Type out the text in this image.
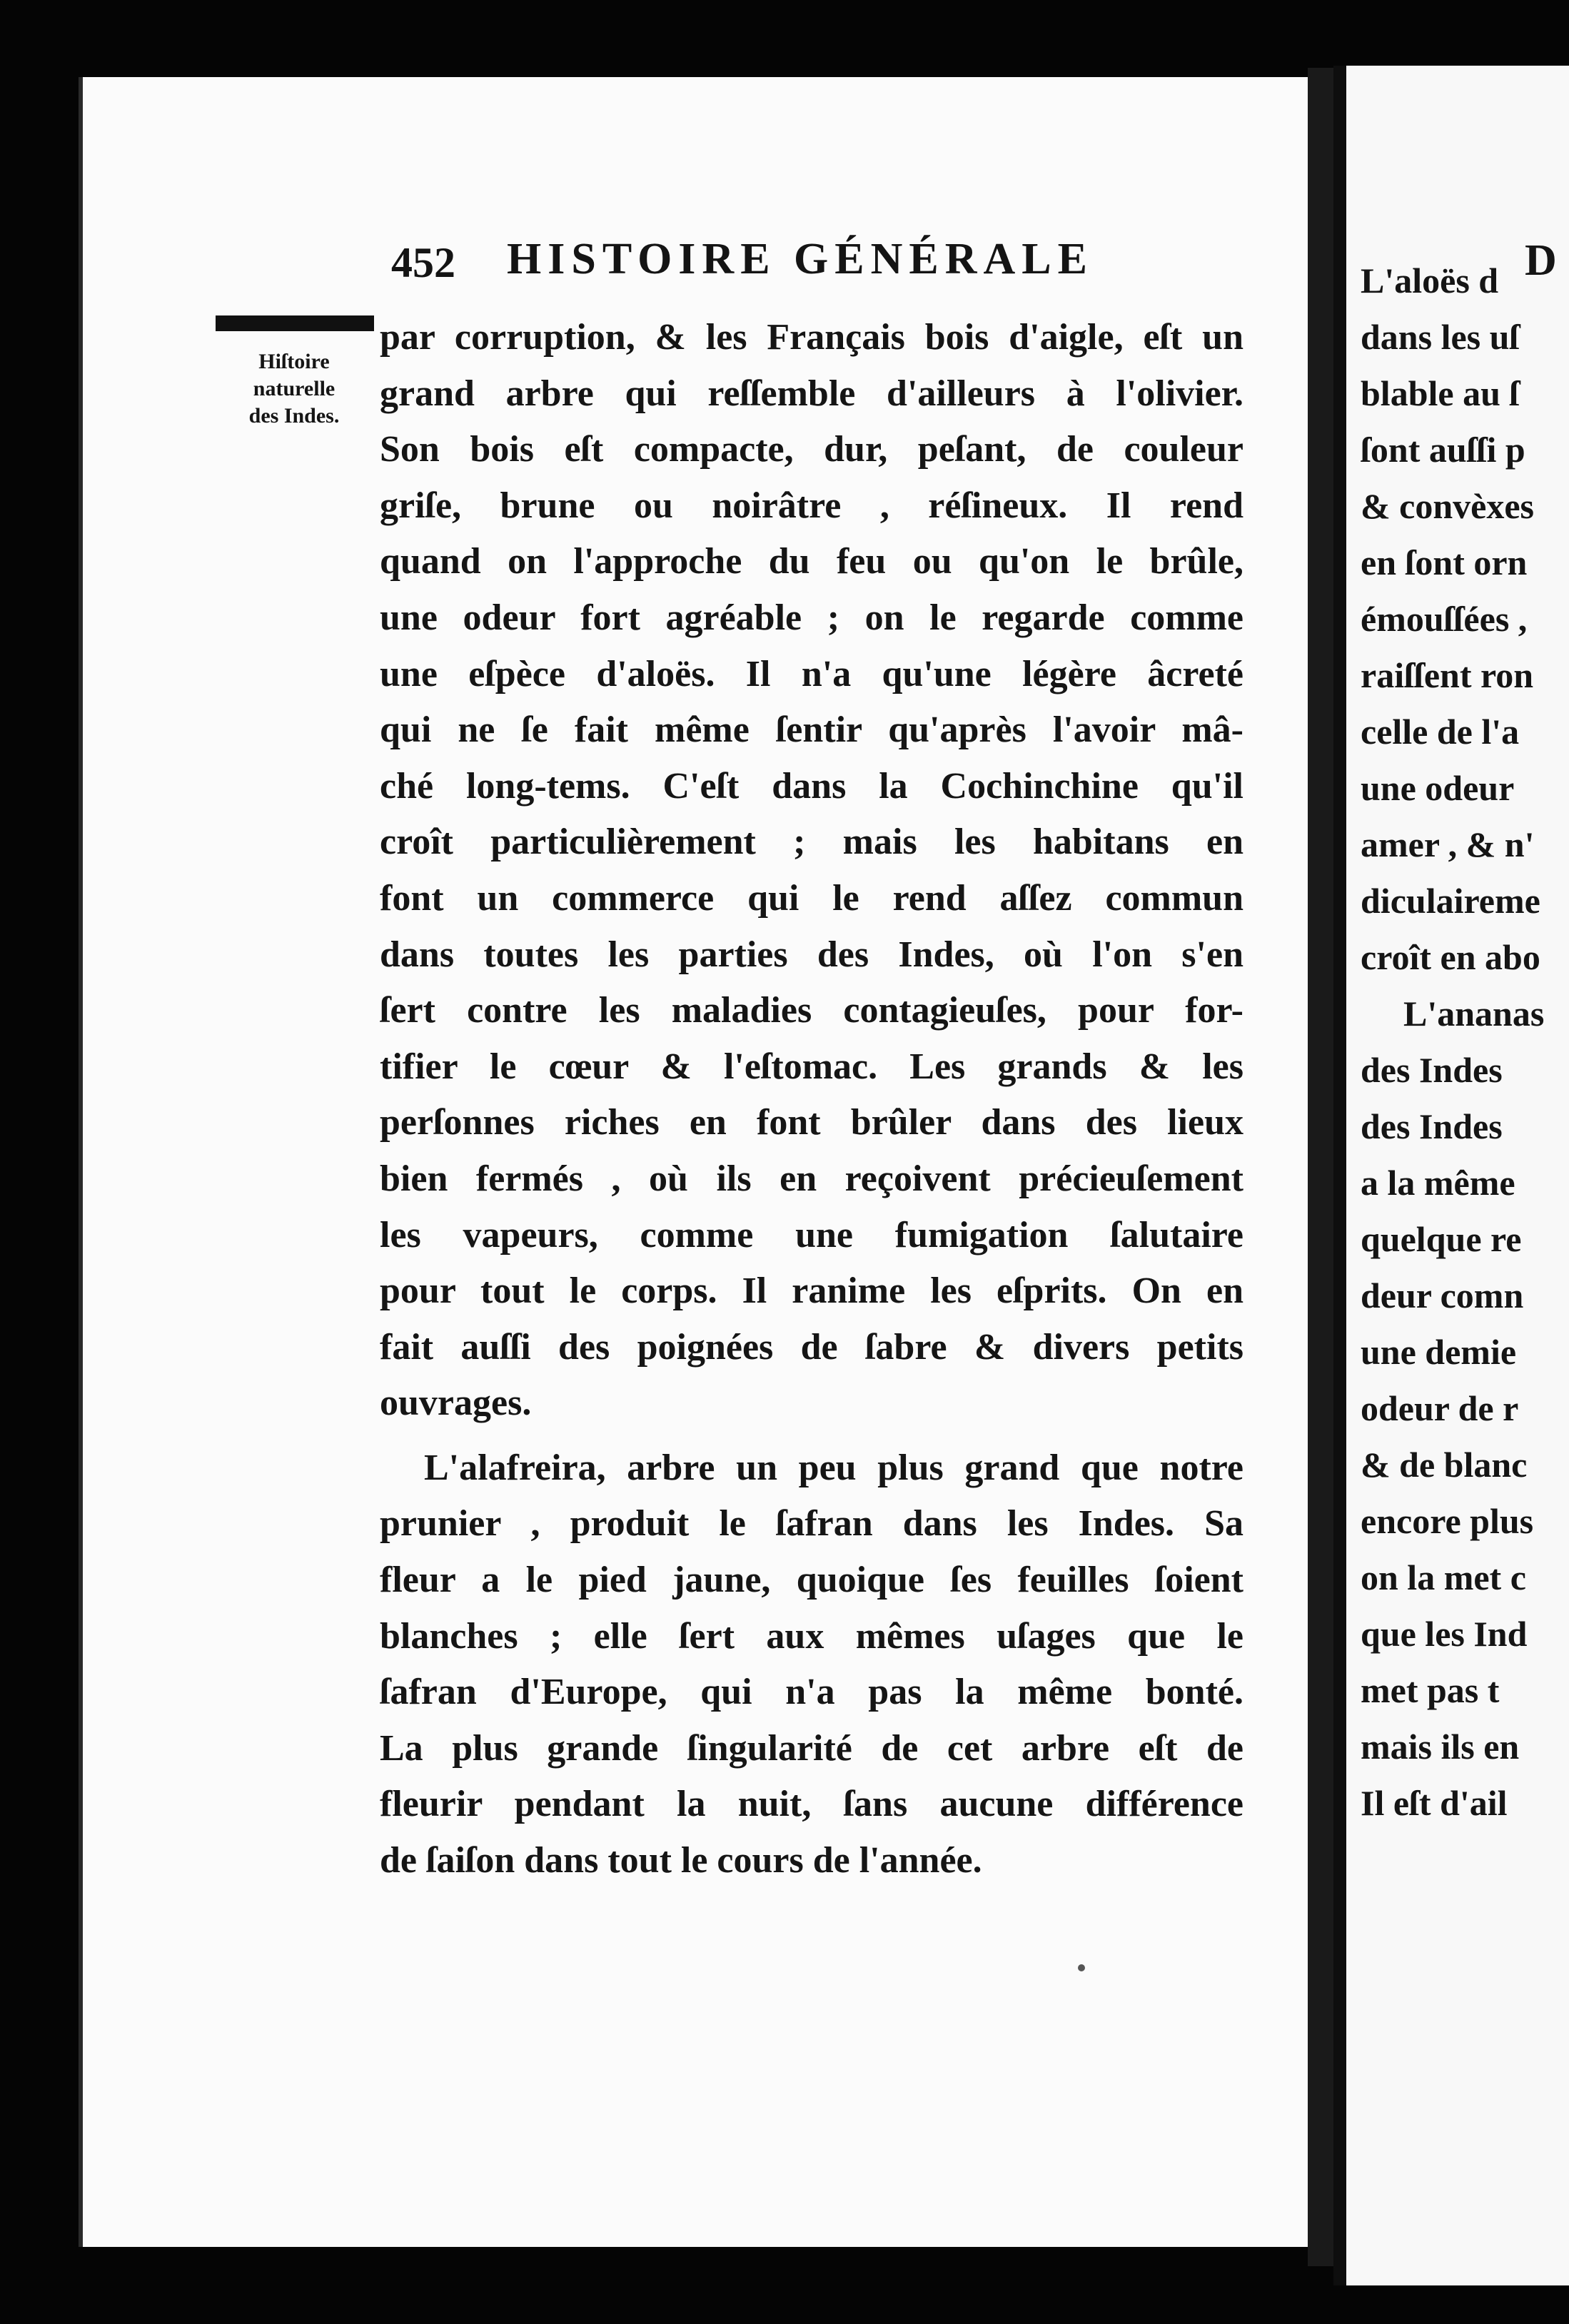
452 HISTOIRE GÉNÉRALE
Hiſtoire
naturelle
des Indes.
par corruption, & les Français bois d'aigle, eſt un
grand arbre qui reſſemble d'ailleurs à l'olivier.
Son bois eſt compacte, dur, peſant, de couleur
griſe, brune ou noirâtre , réſineux. Il rend
quand on l'approche du feu ou qu'on le brûle,
une odeur fort agréable ; on le regarde comme
une eſpèce d'aloës. Il n'a qu'une légère âcreté
qui ne ſe fait même ſentir qu'après l'avoir mâ-
ché long-tems. C'eſt dans la Cochinchine qu'il
croît particulièrement ; mais les habitans en
font un commerce qui le rend aſſez commun
dans toutes les parties des Indes, où l'on s'en
ſert contre les maladies contagieuſes, pour for-
tifier le cœur & l'eſtomac. Les grands & les
perſonnes riches en font brûler dans des lieux
bien fermés , où ils en reçoivent précieuſement
les vapeurs, comme une fumigation ſalutaire
pour tout le corps. Il ranime les eſprits. On en
fait auſſi des poignées de ſabre & divers petits
ouvrages.
L'alafreira, arbre un peu plus grand que notre
prunier , produit le ſafran dans les Indes. Sa
fleur a le pied jaune, quoique ſes feuilles ſoient
blanches ; elle ſert aux mêmes uſages que le
ſafran d'Europe, qui n'a pas la même bonté.
La plus grande ſingularité de cet arbre eſt de
fleurir pendant la nuit, ſans aucune différence
de ſaiſon dans tout le cours de l'année.
D
L'aloës d
dans les uſ
blable au ſ
ſont auſſi p
& convèxes
en ſont orn
émouſſées ,
raiſſent ron
celle de l'a
une odeur
amer , & n'
diculaireme
croît en abo
L'ananas
des Indes
des Indes
a la même
quelque re
deur comn
une demie
odeur de r
& de blanc
encore plus
on la met c
que les Ind
met pas t
mais ils en
Il eſt d'ail
